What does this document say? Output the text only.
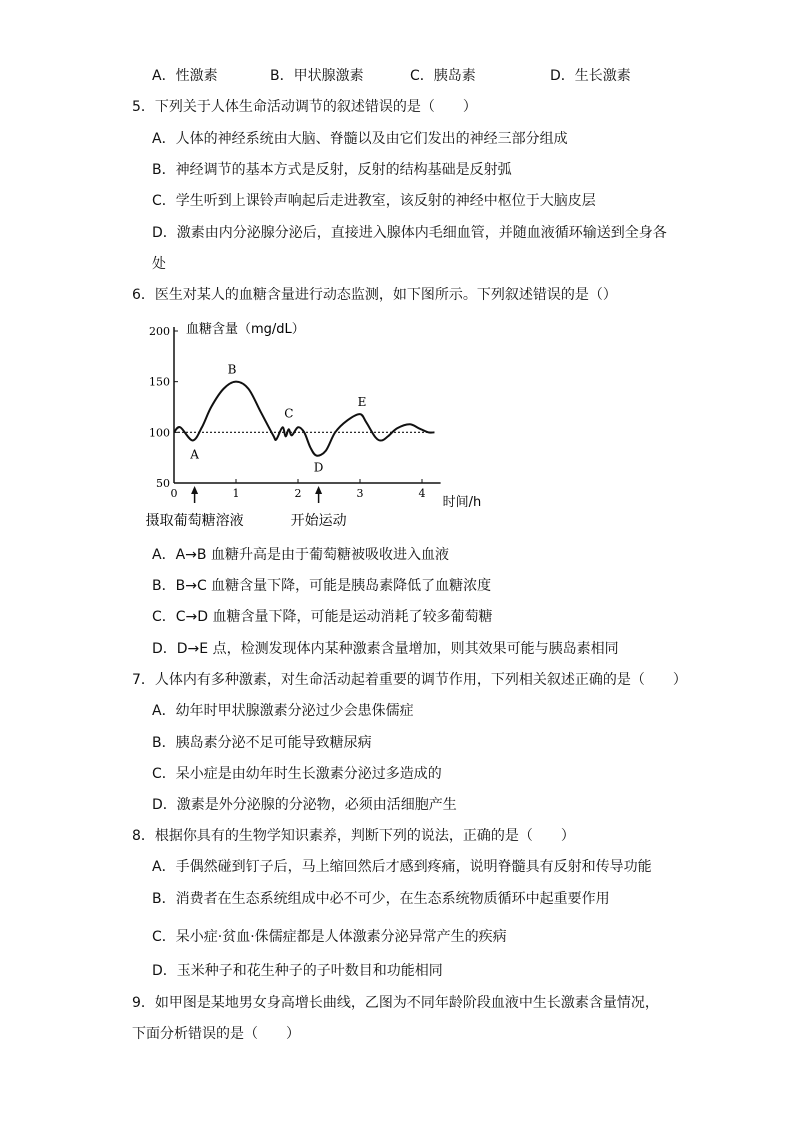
A．性激素	B．甲状腺激素	C．胰岛素	D．生长激素
5．下列关于人体生命活动调节的叙述错误的是（　　）
A．人体的神经系统由大脑、脊髓以及由它们发出的神经三部分组成
B．神经调节的基本方式是反射，反射的结构基础是反射弧
C．学生听到上课铃声响起后走进教室，该反射的神经中枢位于大脑皮层
D．激素由内分泌腺分泌后，直接进入腺体内毛细血管，并随血液循环输送到全身各
处
6．医生对某人的血糖含量进行动态监测，如下图所示。下列叙述错误的是（）
200
150
100
50
0	1	2	3	4
血糖含量（mg/dL）
时间/h
A
B
C
D
E
摄取葡萄糖溶液	开始运动
A．A→B 血糖升高是由于葡萄糖被吸收进入血液
B．B→C 血糖含量下降，可能是胰岛素降低了血糖浓度
C．C→D 血糖含量下降，可能是运动消耗了较多葡萄糖
D．D→E 点，检测发现体内某种激素含量增加，则其效果可能与胰岛素相同
7．人体内有多种激素，对生命活动起着重要的调节作用，下列相关叙述正确的是（　　）
A．幼年时甲状腺激素分泌过少会患侏儒症
B．胰岛素分泌不足可能导致糖尿病
C．呆小症是由幼年时生长激素分泌过多造成的
D．激素是外分泌腺的分泌物，必须由活细胞产生
8．根据你具有的生物学知识素养，判断下列的说法，正确的是（　　）
A．手偶然碰到钉子后，马上缩回然后才感到疼痛，说明脊髓具有反射和传导功能
B．消费者在生态系统组成中必不可少，在生态系统物质循环中起重要作用
C．呆小症·贫血·侏儒症都是人体激素分泌异常产生的疾病
D．玉米种子和花生种子的子叶数目和功能相同
9．如甲图是某地男女身高增长曲线，乙图为不同年龄阶段血液中生长激素含量情况，
下面分析错误的是（　　）
